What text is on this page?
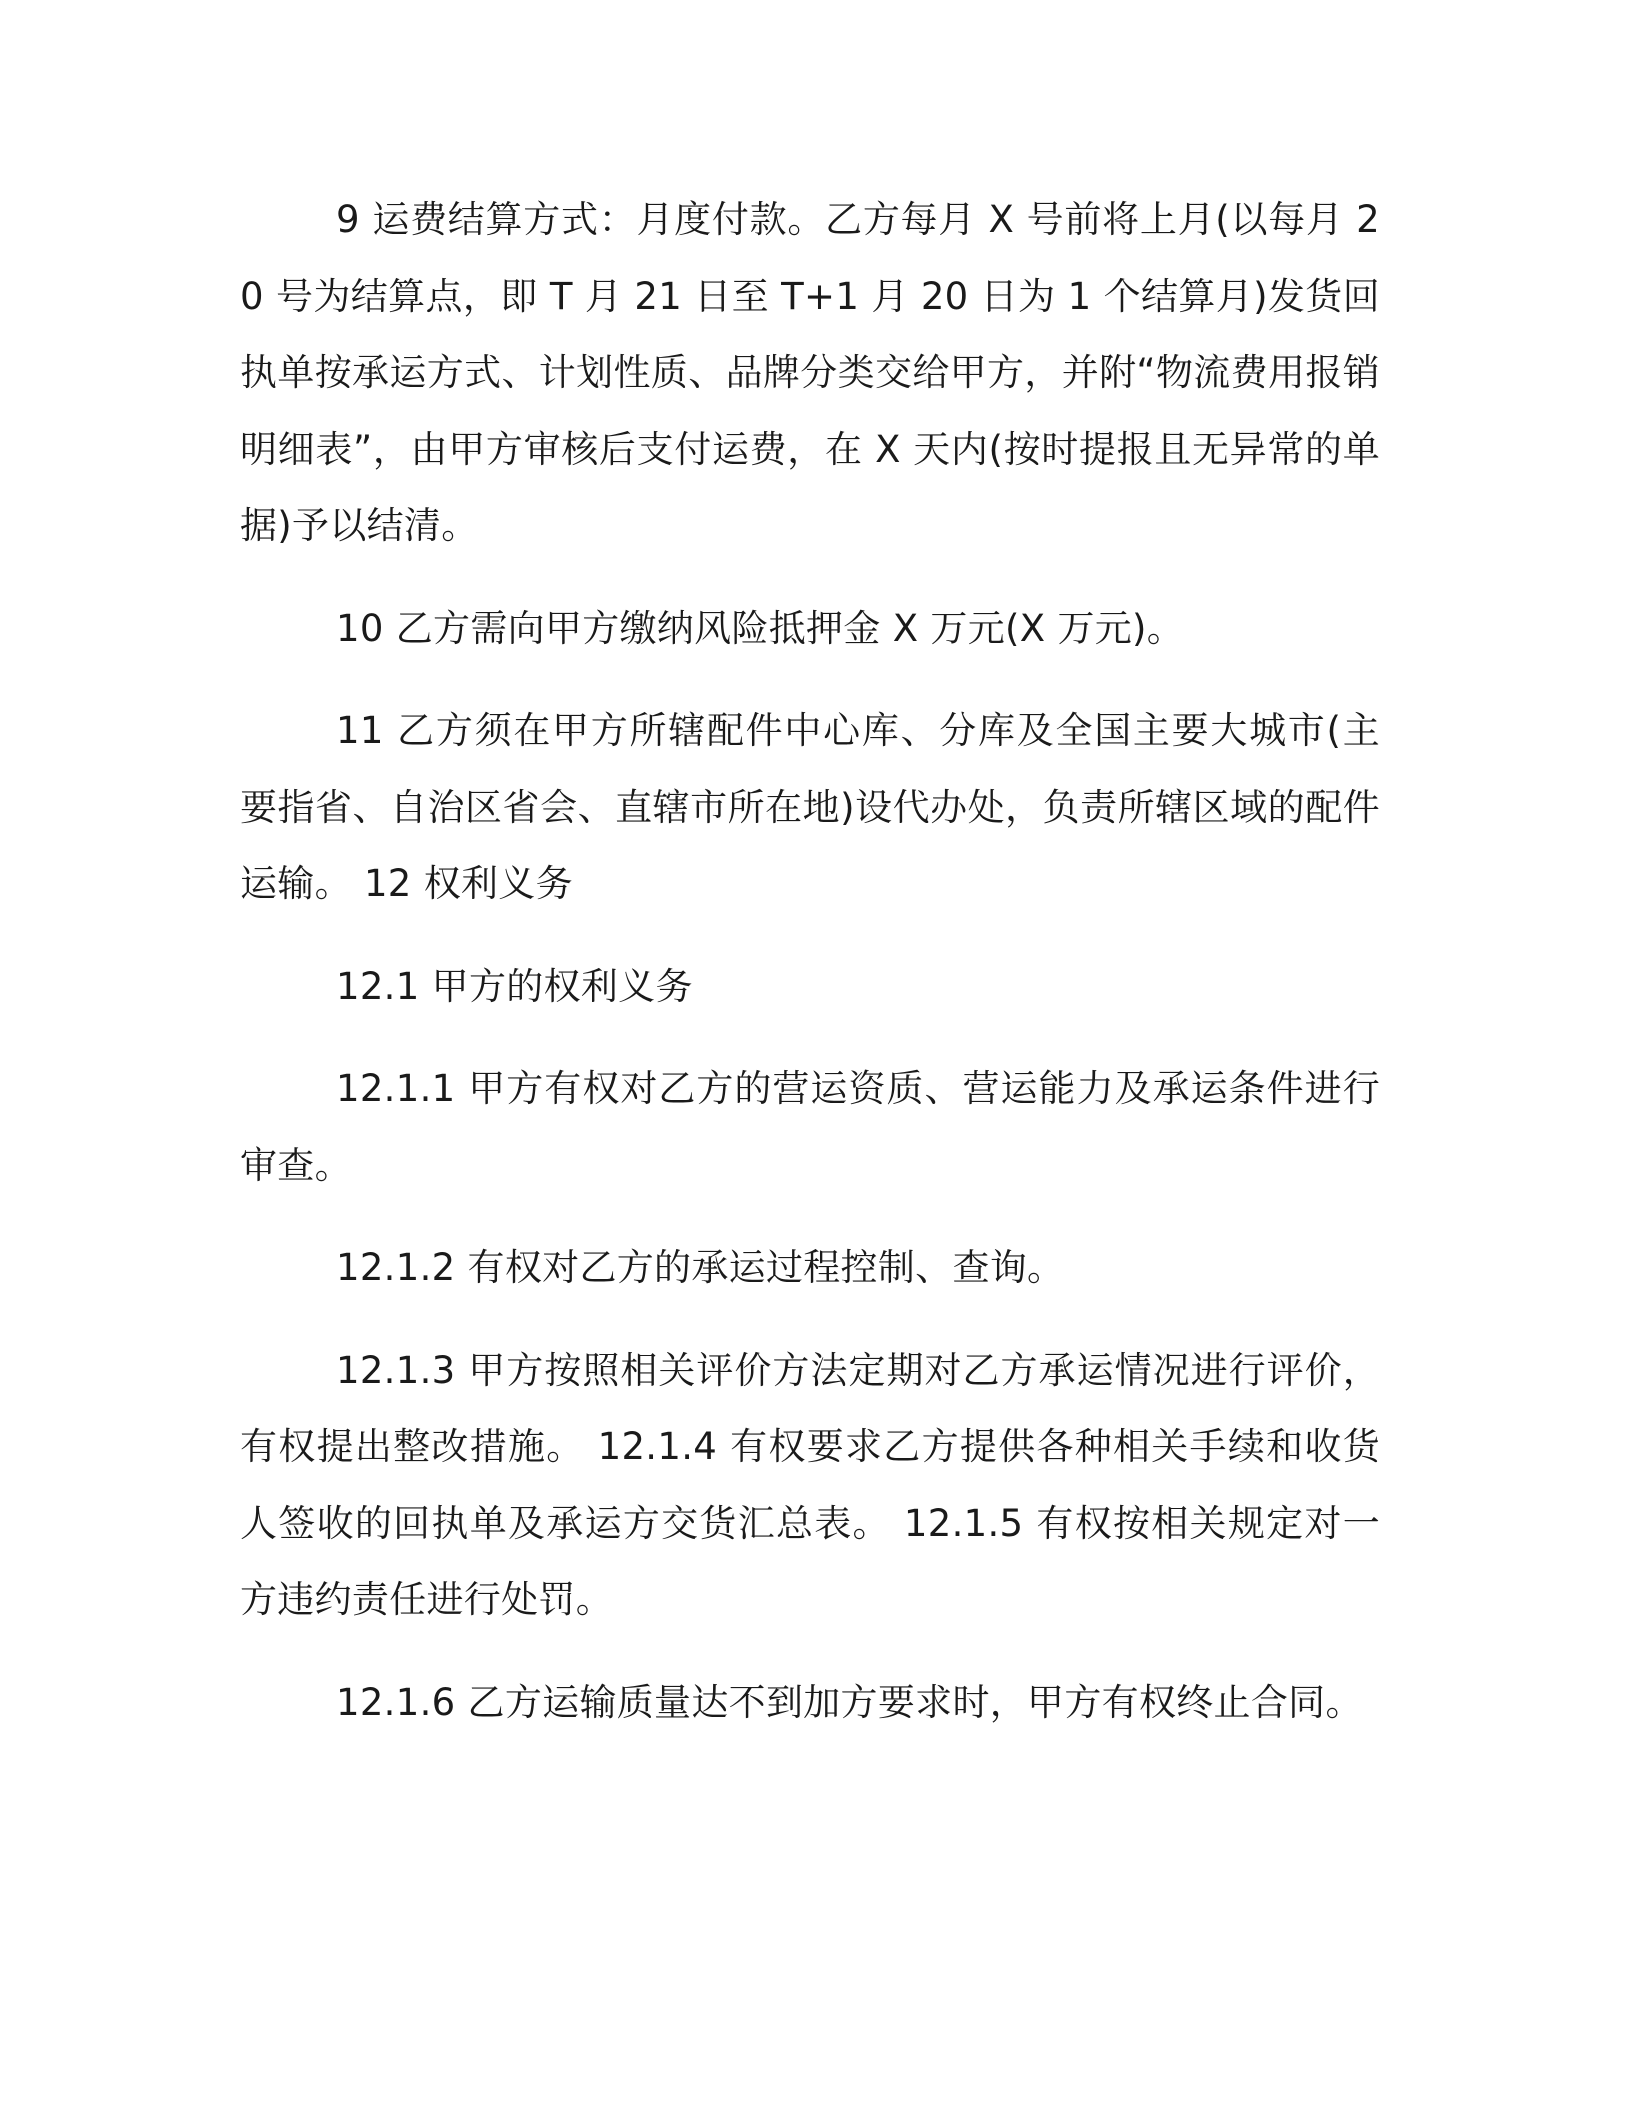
9 运费结算方式：月度付款。乙方每月 X 号前将上月(以每月 20 号为结算点，即 T 月 21 日至 T+1 月 20 日为 1 个结算月)发货回执单按承运方式、计划性质、品牌分类交给甲方，并附“物流费用报销明细表”，由甲方审核后支付运费，在 X 天内(按时提报且无异常的单据)予以结清。

10 乙方需向甲方缴纳风险抵押金 X 万元(X 万元)。

11 乙方须在甲方所辖配件中心库、分库及全国主要大城市(主要指省、自治区省会、直辖市所在地)设代办处，负责所辖区域的配件运输。 12 权利义务

12.1 甲方的权利义务

12.1.1 甲方有权对乙方的营运资质、营运能力及承运条件进行审查。

12.1.2 有权对乙方的承运过程控制、查询。

12.1.3 甲方按照相关评价方法定期对乙方承运情况进行评价，有权提出整改措施。 12.1.4 有权要求乙方提供各种相关手续和收货人签收的回执单及承运方交货汇总表。 12.1.5 有权按相关规定对一方违约责任进行处罚。

12.1.6 乙方运输质量达不到加方要求时，甲方有权终止合同。
